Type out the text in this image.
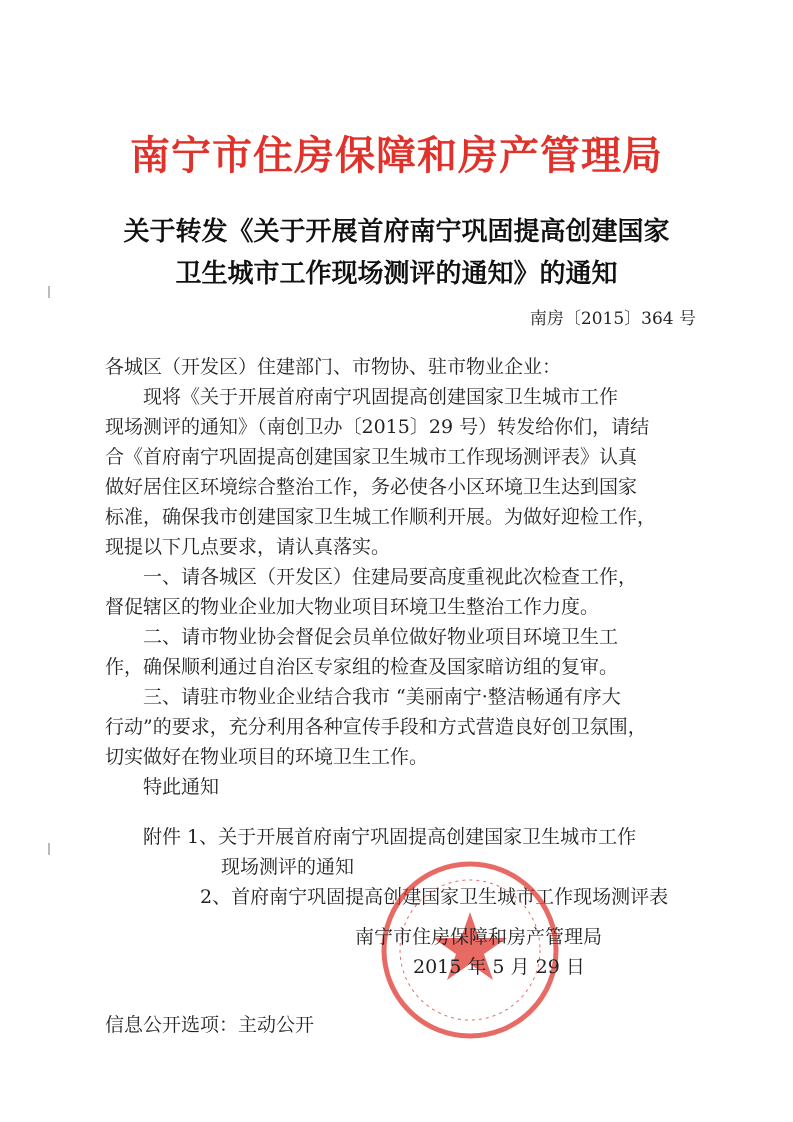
南宁市住房保障和房产管理局
关于转发《关于开展首府南宁巩固提高创建国家
卫生城市工作现场测评的通知》的通知
南房〔2015〕364 号
各城区（开发区）住建部门、市物协、驻市物业企业：
现将《关于开展首府南宁巩固提高创建国家卫生城市工作
现场测评的通知》（南创卫办〔2015〕29 号）转发给你们，请结
合《首府南宁巩固提高创建国家卫生城市工作现场测评表》认真
做好居住区环境综合整治工作，务必使各小区环境卫生达到国家
标准，确保我市创建国家卫生城工作顺利开展。为做好迎检工作，
现提以下几点要求，请认真落实。
一、请各城区（开发区）住建局要高度重视此次检查工作，
督促辖区的物业企业加大物业项目环境卫生整治工作力度。
二、请市物业协会督促会员单位做好物业项目环境卫生工
作，确保顺利通过自治区专家组的检查及国家暗访组的复审。
三、请驻市物业企业结合我市 “美丽南宁·整洁畅通有序大
行动”的要求，充分利用各种宣传手段和方式营造良好创卫氛围，
切实做好在物业项目的环境卫生工作。
特此通知
附件 1、关于开展首府南宁巩固提高创建国家卫生城市工作
现场测评的通知
2、首府南宁巩固提高创建国家卫生城市工作现场测评表
南宁市住房保障和房产管理局
2015 年 5 月 29 日
信息公开选项：主动公开
